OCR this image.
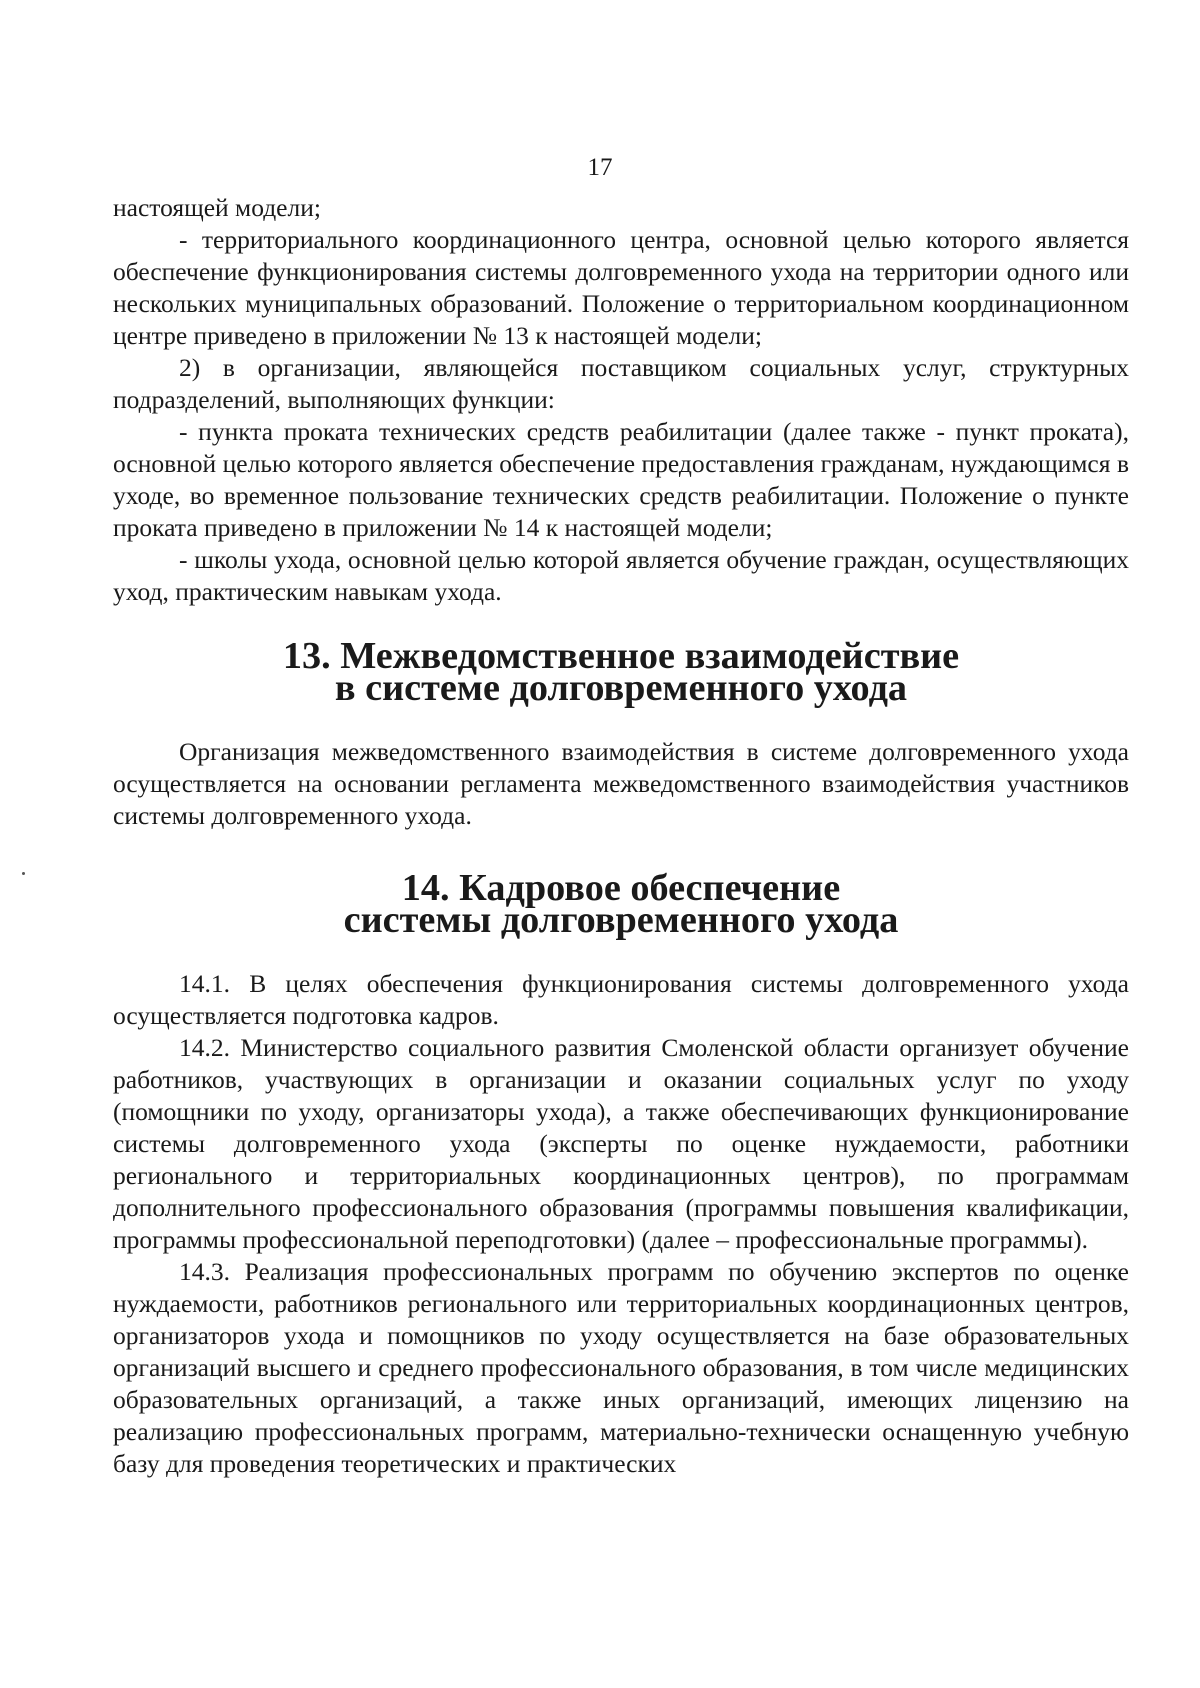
17

настоящей модели;

- территориального координационного центра, основной целью которого является обеспечение функционирования системы долговременного ухода на территории одного или нескольких муниципальных образований. Положение о территориальном координационном центре приведено в приложении № 13 к настоящей модели;

2) в организации, являющейся поставщиком социальных услуг, структурных подразделений, выполняющих функции:

- пункта проката технических средств реабилитации (далее также - пункт проката), основной целью которого является обеспечение предоставления гражданам, нуждающимся в уходе, во временное пользование технических средств реабилитации. Положение о пункте проката приведено в приложении № 14 к настоящей модели;

- школы ухода, основной целью которой является обучение граждан, осуществляющих уход, практическим навыкам ухода.

13. Межведомственное взаимодействие
в системе долговременного ухода

Организация межведомственного взаимодействия в системе долговременного ухода осуществляется на основании регламента межведомственного взаимодействия участников системы долговременного ухода.

14. Кадровое обеспечение
системы долговременного ухода

14.1. В целях обеспечения функционирования системы долговременного ухода осуществляется подготовка кадров.

14.2. Министерство социального развития Смоленской области организует обучение работников, участвующих в организации и оказании социальных услуг по уходу (помощники по уходу, организаторы ухода), а также обеспечивающих функционирование системы долговременного ухода (эксперты по оценке нуждаемости, работники регионального и территориальных координационных центров), по программам дополнительного профессионального образования (программы повышения квалификации, программы профессиональной переподготовки) (далее – профессиональные программы).

14.3. Реализация профессиональных программ по обучению экспертов по оценке нуждаемости, работников регионального или территориальных координационных центров, организаторов ухода и помощников по уходу осуществляется на базе образовательных организаций высшего и среднего профессионального образования, в том числе медицинских образовательных организаций, а также иных организаций, имеющих лицензию на реализацию профессиональных программ, материально-технически оснащенную учебную базу для проведения теоретических и практических
